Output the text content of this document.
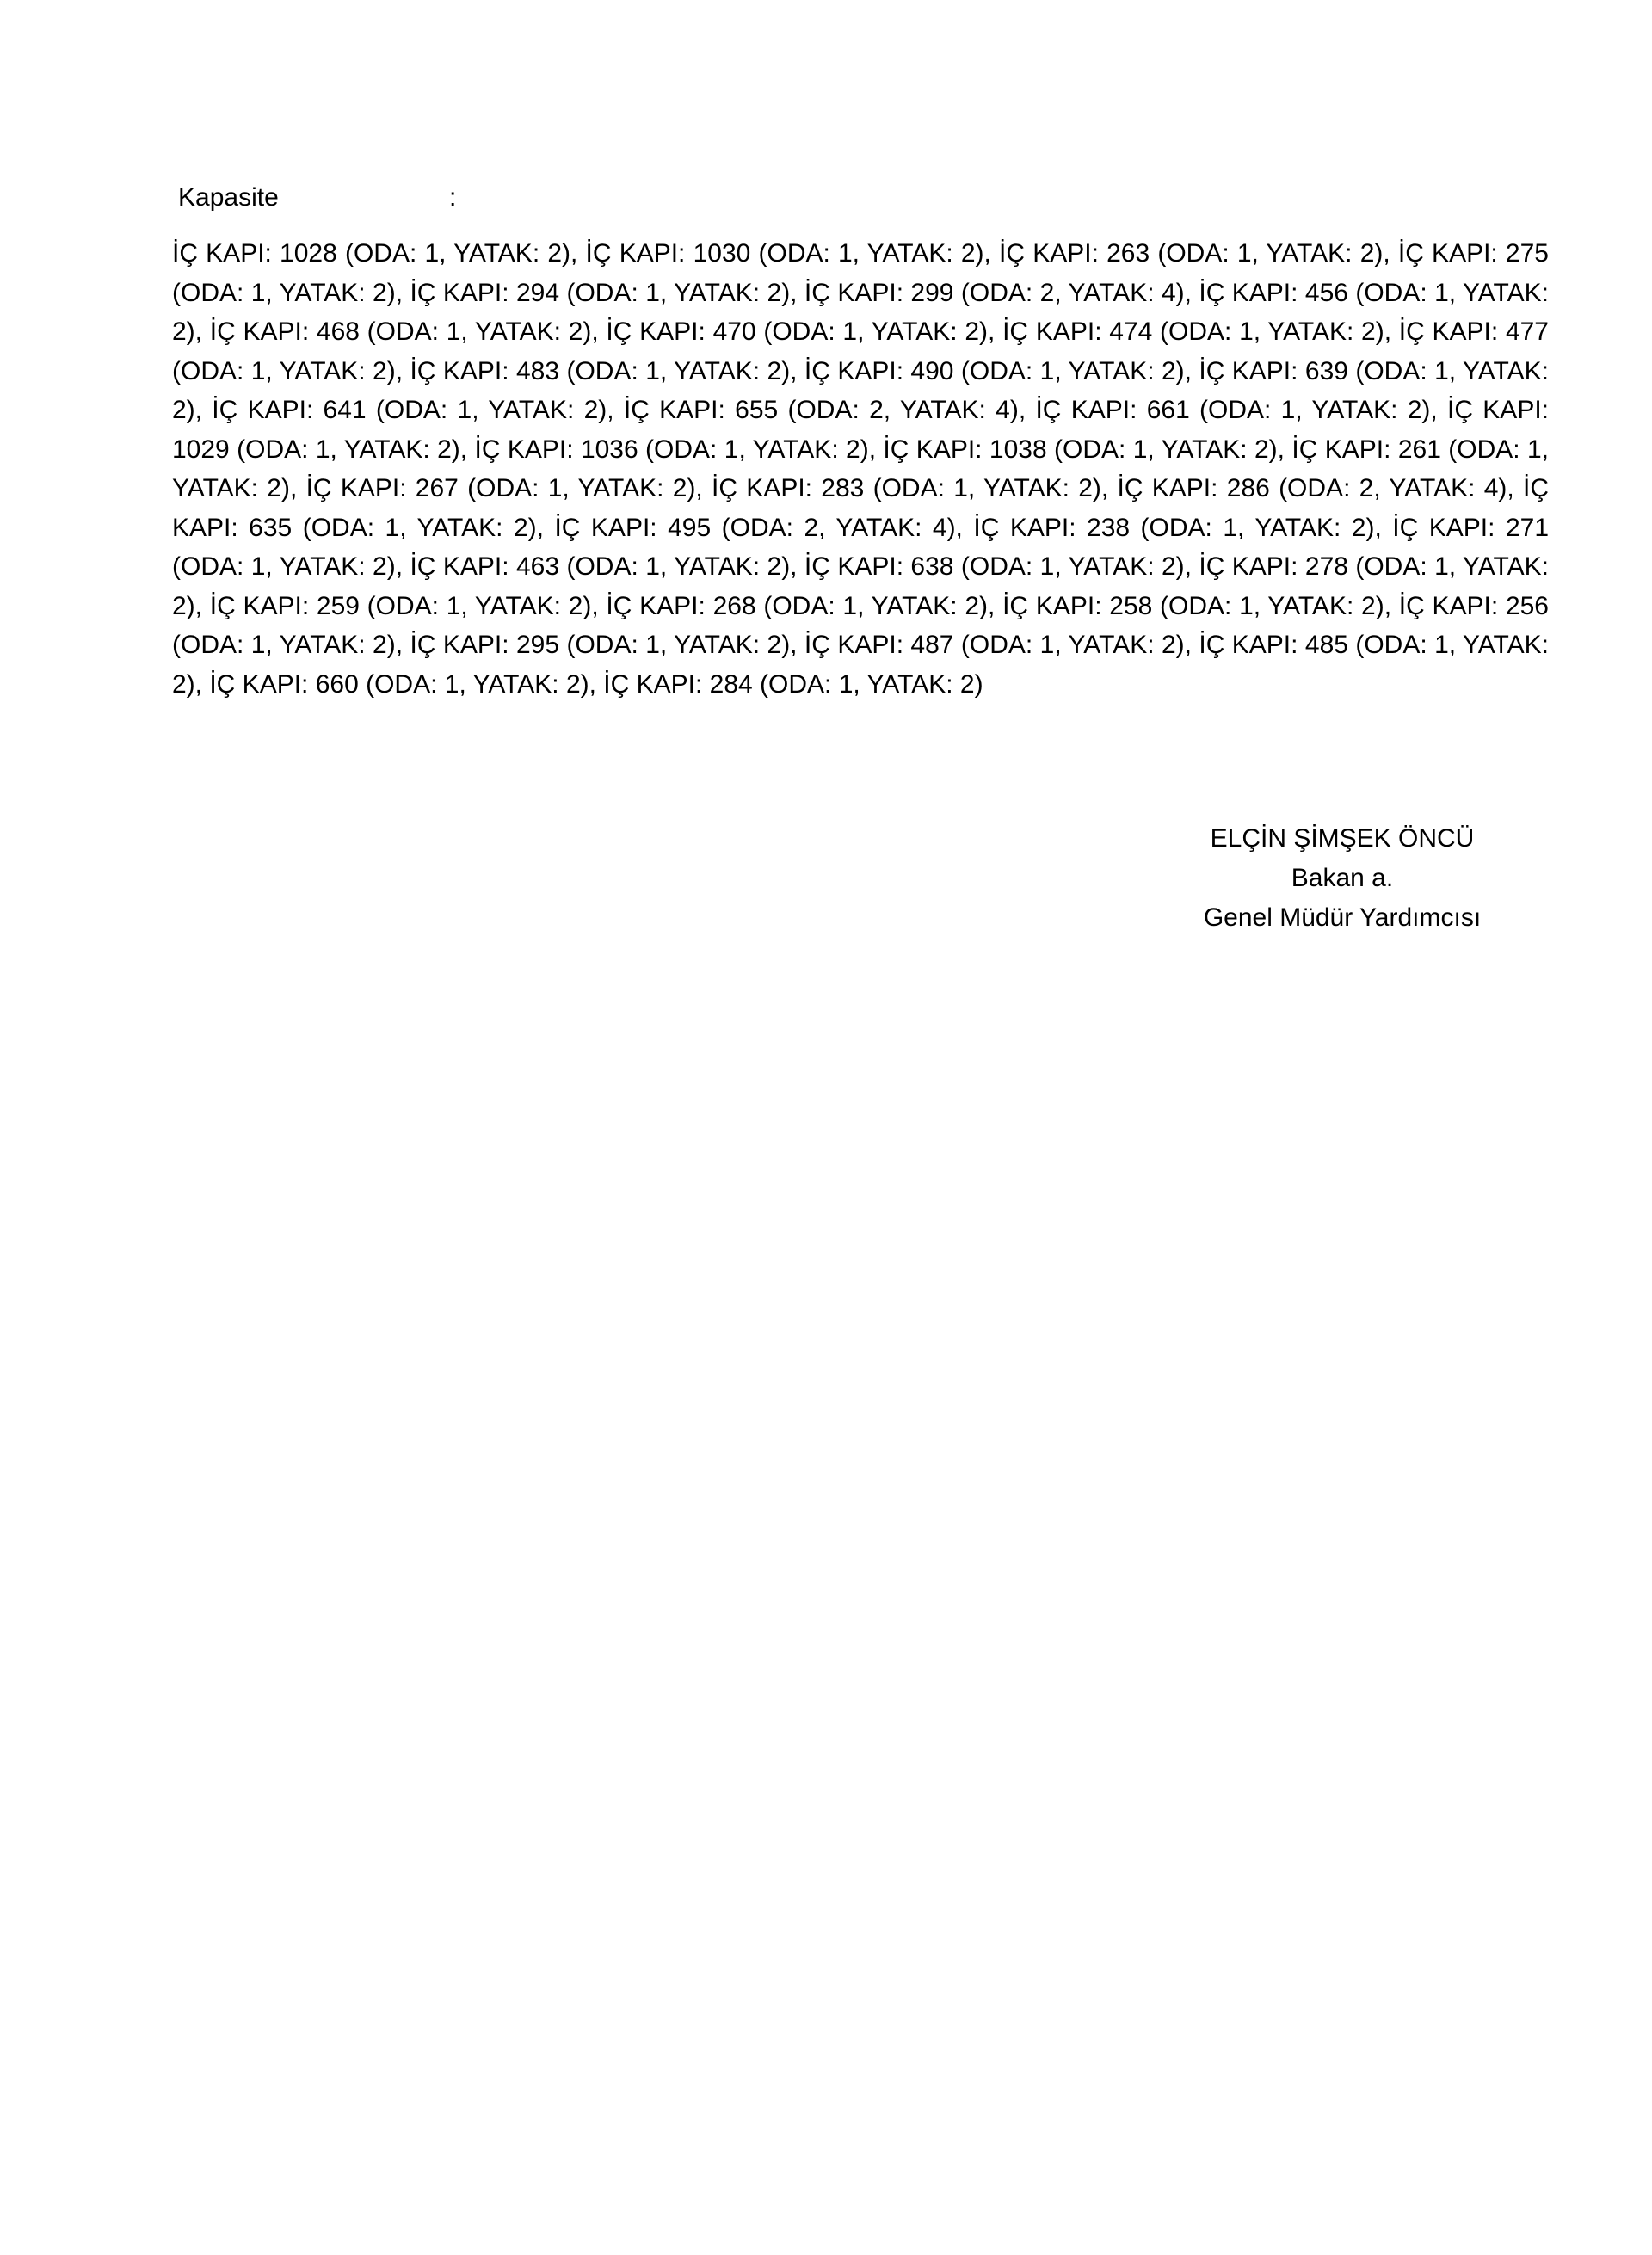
Kapasite	:
İÇ KAPI: 1028 (ODA: 1, YATAK: 2), İÇ KAPI: 1030 (ODA: 1, YATAK: 2), İÇ KAPI: 263 (ODA: 1, YATAK: 2), İÇ KAPI: 275 (ODA: 1, YATAK: 2), İÇ KAPI: 294 (ODA: 1, YATAK: 2), İÇ KAPI: 299 (ODA: 2, YATAK: 4), İÇ KAPI: 456 (ODA: 1, YATAK: 2), İÇ KAPI: 468 (ODA: 1, YATAK: 2), İÇ KAPI: 470 (ODA: 1, YATAK: 2), İÇ KAPI: 474 (ODA: 1, YATAK: 2), İÇ KAPI: 477 (ODA: 1, YATAK: 2), İÇ KAPI: 483 (ODA: 1, YATAK: 2), İÇ KAPI: 490 (ODA: 1, YATAK: 2), İÇ KAPI: 639 (ODA: 1, YATAK: 2), İÇ KAPI: 641 (ODA: 1, YATAK: 2), İÇ KAPI: 655 (ODA: 2, YATAK: 4), İÇ KAPI: 661 (ODA: 1, YATAK: 2), İÇ KAPI: 1029 (ODA: 1, YATAK: 2), İÇ KAPI: 1036 (ODA: 1, YATAK: 2), İÇ KAPI: 1038 (ODA: 1, YATAK: 2), İÇ KAPI: 261 (ODA: 1, YATAK: 2), İÇ KAPI: 267 (ODA: 1, YATAK: 2), İÇ KAPI: 283 (ODA: 1, YATAK: 2), İÇ KAPI: 286 (ODA: 2, YATAK: 4), İÇ KAPI: 635 (ODA: 1, YATAK: 2), İÇ KAPI: 495 (ODA: 2, YATAK: 4), İÇ KAPI: 238 (ODA: 1, YATAK: 2), İÇ KAPI: 271 (ODA: 1, YATAK: 2), İÇ KAPI: 463 (ODA: 1, YATAK: 2), İÇ KAPI: 638 (ODA: 1, YATAK: 2), İÇ KAPI: 278 (ODA: 1, YATAK: 2), İÇ KAPI: 259 (ODA: 1, YATAK: 2), İÇ KAPI: 268 (ODA: 1, YATAK: 2), İÇ KAPI: 258 (ODA: 1, YATAK: 2), İÇ KAPI: 256 (ODA: 1, YATAK: 2), İÇ KAPI: 295 (ODA: 1, YATAK: 2), İÇ KAPI: 487 (ODA: 1, YATAK: 2), İÇ KAPI: 485 (ODA: 1, YATAK: 2), İÇ KAPI: 660 (ODA: 1, YATAK: 2), İÇ KAPI: 284 (ODA: 1, YATAK: 2)
ELÇİN ŞİMŞEK ÖNCÜ
Bakan a.
Genel Müdür Yardımcısı
